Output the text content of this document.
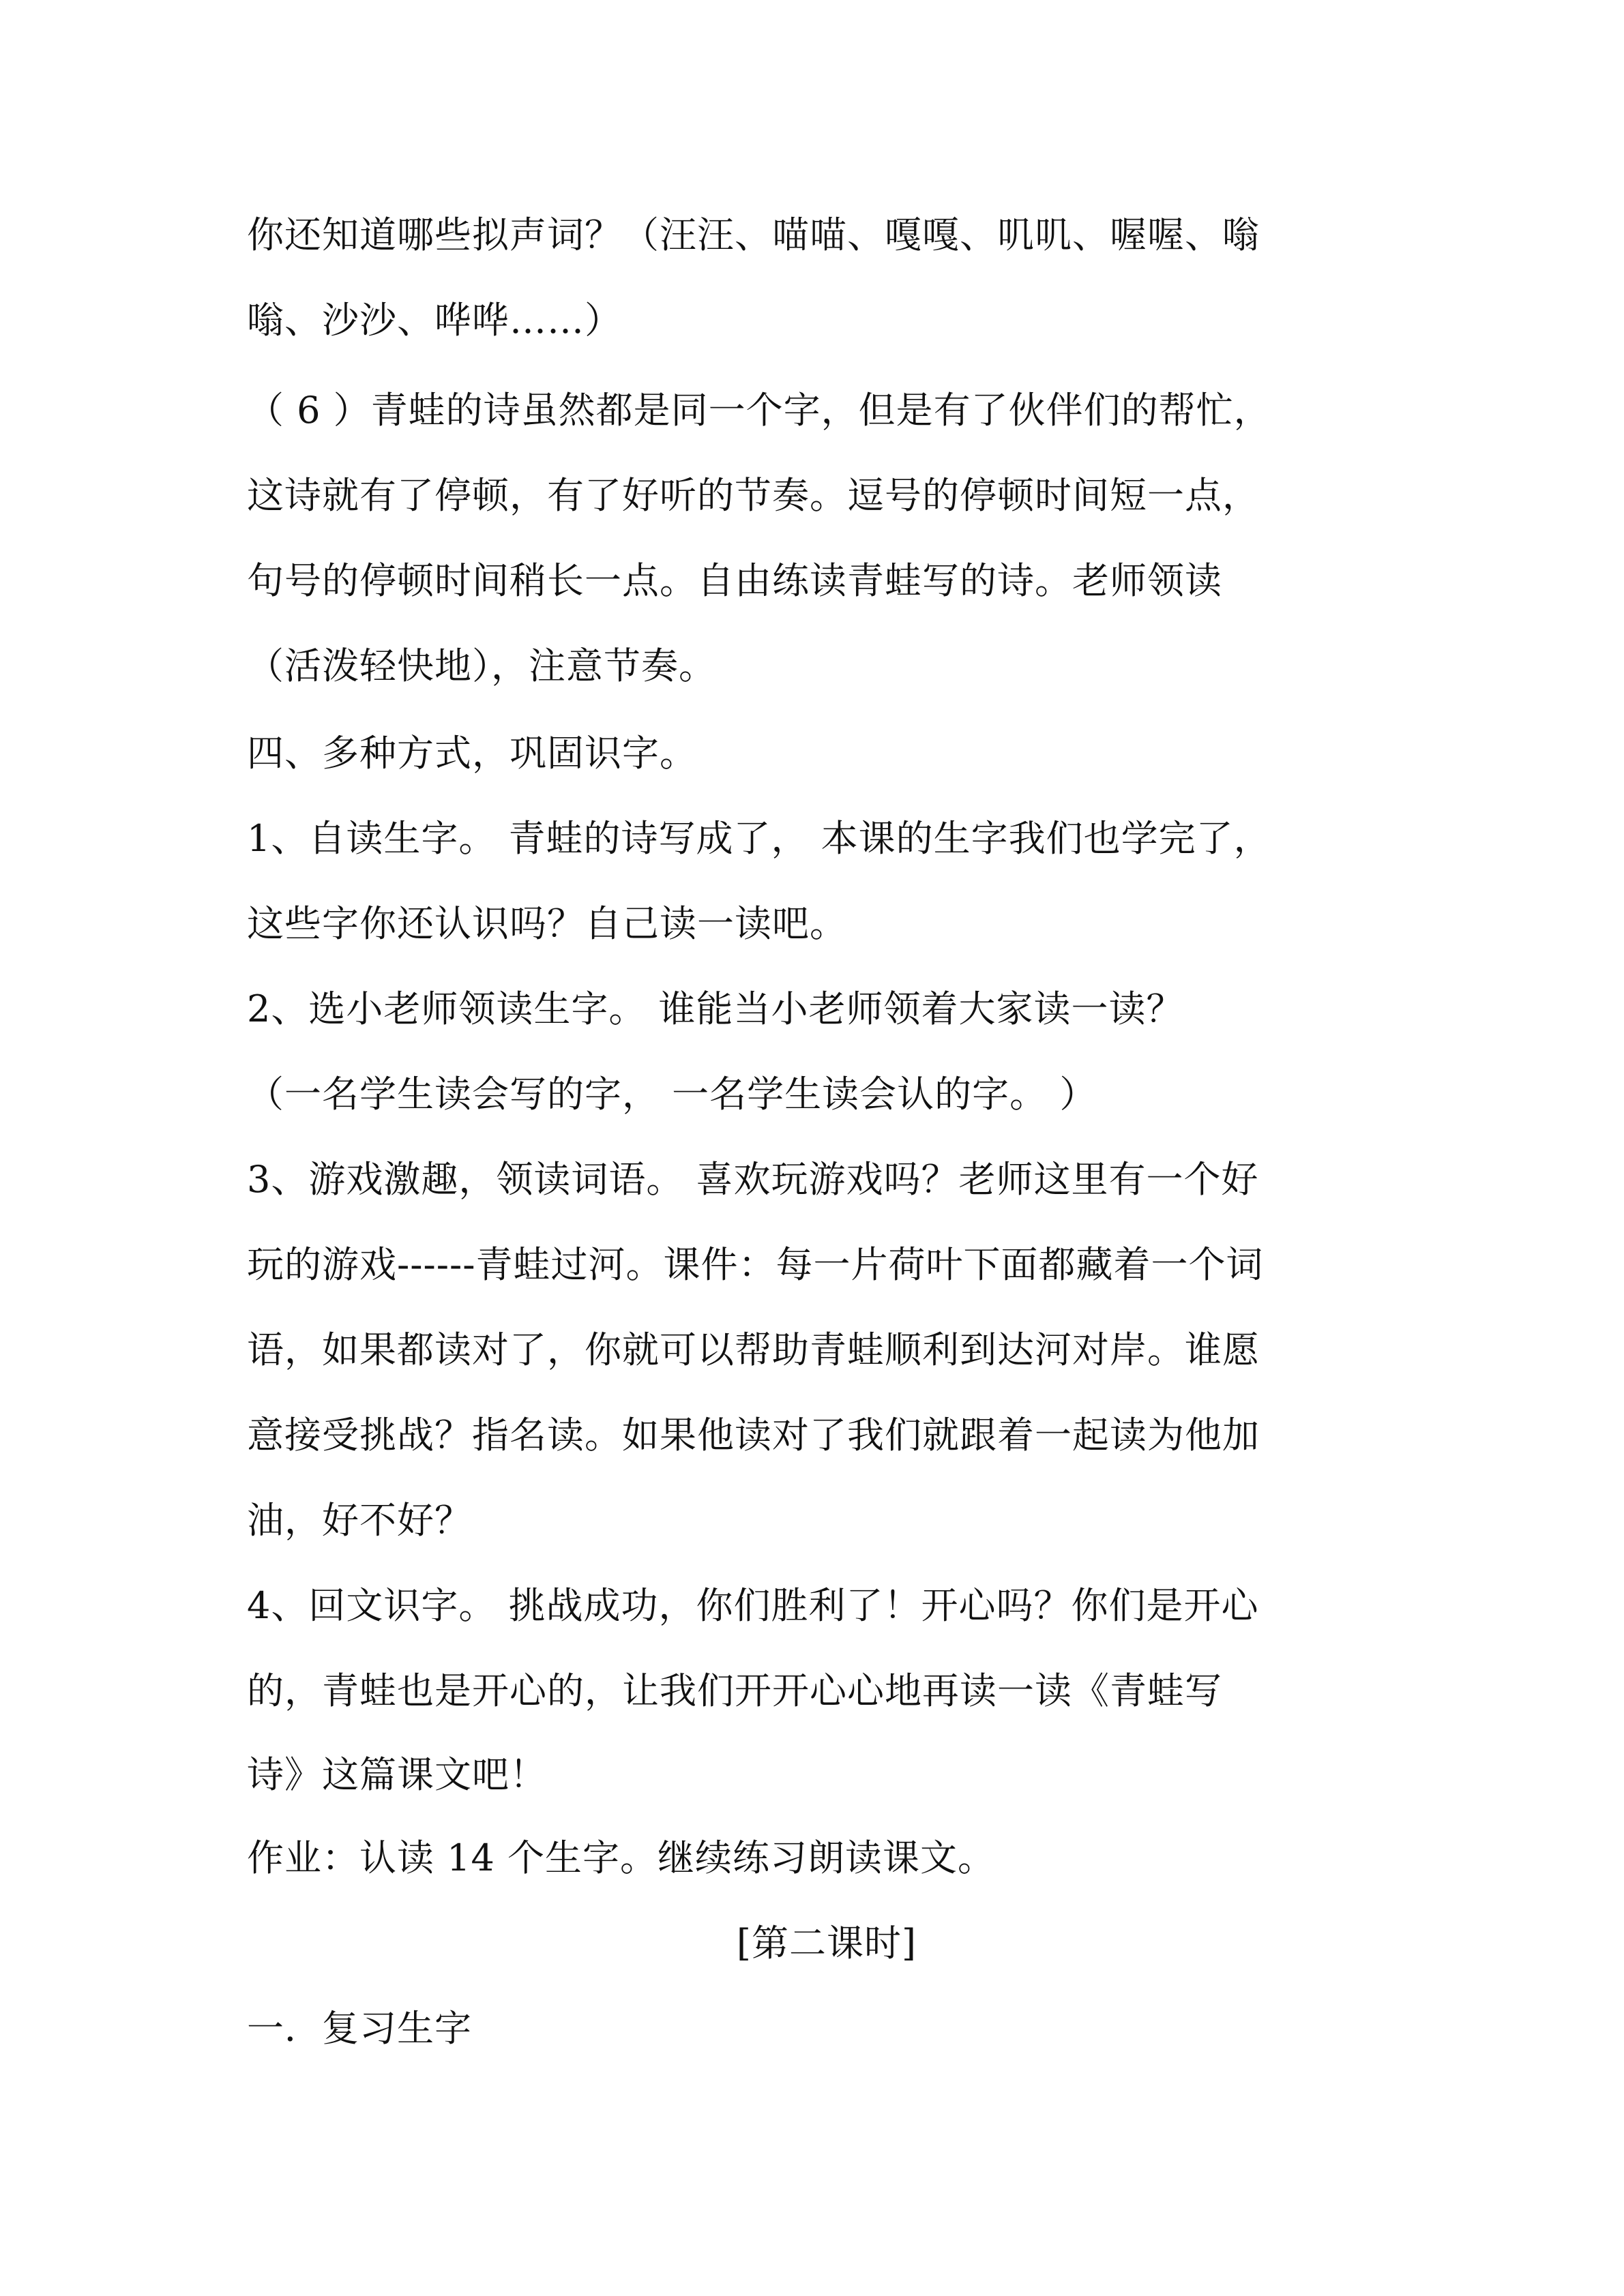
你还知道哪些拟声词？（汪汪、喵喵、嘎嘎、叽叽、喔喔、嗡
嗡、沙沙、哗哗……）
（ 6 ）青蛙的诗虽然都是同一个字，但是有了伙伴们的帮忙，
这诗就有了停顿，有了好听的节奏。逗号的停顿时间短一点，
句号的停顿时间稍长一点。自由练读青蛙写的诗。老师领读
（活泼轻快地），注意节奏。
四、多种方式，巩固识字。
1、自读生字。 青蛙的诗写成了， 本课的生字我们也学完了，
这些字你还认识吗？自己读一读吧。
2、选小老师领读生字。 谁能当小老师领着大家读一读？
（一名学生读会写的字， 一名学生读会认的字。 ）
3、游戏激趣，领读词语。 喜欢玩游戏吗？老师这里有一个好
玩的游戏------青蛙过河。课件：每一片荷叶下面都藏着一个词
语，如果都读对了，你就可以帮助青蛙顺利到达河对岸。谁愿
意接受挑战？指名读。如果他读对了我们就跟着一起读为他加
油，好不好？
4、回文识字。 挑战成功，你们胜利了！开心吗？你们是开心
的，青蛙也是开心的，让我们开开心心地再读一读《青蛙写
诗》这篇课文吧！
作业：认读 14 个生字。继续练习朗读课文。
[第二课时]
一．复习生字
